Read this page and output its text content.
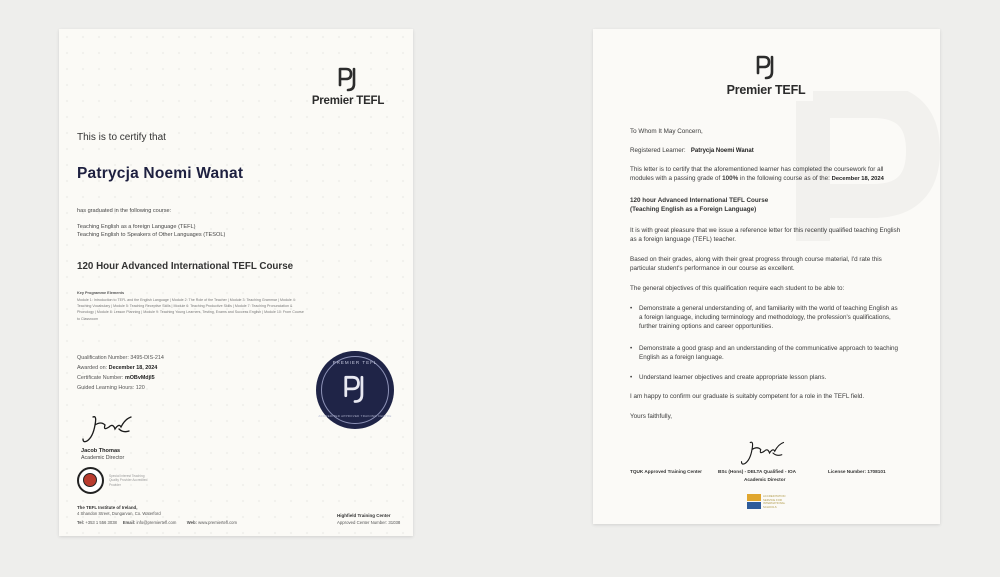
Premier TEFL
This is to certify that
Patrycja Noemi Wanat
has graduated in the following course:
Teaching English as a foreign Language (TEFL)
Teaching English to Speakers of Other Languages (TESOL)
120 Hour Advanced International TEFL Course
Key Programme Elements
Module 1: Introduction to TEFL and the English Language | Module 2: The Role of the Teacher | Module 3: Teaching Grammar | Module 4: Teaching Vocabulary | Module 5: Teaching Receptive Skills | Module 6: Teaching Productive Skills | Module 7: Teaching Pronunciation & Phonology | Module 8: Lesson Planning | Module 9: Teaching Young Learners, Testing, Exams and Success English | Module 10: From Course to Classroom
Qualification Number: 3495-DIS-214
Awarded on: December 18, 2024
Certificate Number: mOBvMdjl5
Guided Learning Hours: 120
PREMIER TEFL
ACCREDITED APPROVED TRAINING CENTRE
Jacob Thomas
Academic Director
Special Interest Teaching Quality Provider Accredited Provider
The TEFL Institute of Ireland,
4 Shandon Street, Dungarvan, Co. Waterford
Tel: +353 1 556 3038 Email: info@premiertefl.com Web: www.premiertefl.com
Highfield Training Center
Approved Center Number: 31038
Premier TEFL
To Whom It May Concern,
Registered Learner: Patrycja Noemi Wanat
This letter is to certify that the aforementioned learner has completed the coursework for all modules with a passing grade of 100% in the following course as of the: December 18, 2024
120 hour Advanced International TEFL Course
(Teaching English as a Foreign Language)
It is with great pleasure that we issue a reference letter for this recently qualified teaching English as a foreign language (TEFL) teacher.
Based on their grades, along with their great progress through course material, I'd rate this particular student's performance in our course as excellent.
The general objectives of this qualification require each student to be able to:
• Demonstrate a general understanding of, and familiarity with the world of teaching English as a foreign language, including terminology and methodology, the profession's qualifications, further training options and career opportunities.
• Demonstrate a good grasp and an understanding of the communicative approach to teaching English as a foreign language.
• Understand learner objectives and create appropriate lesson plans.
I am happy to confirm our graduate is suitably competent for a role in the TEFL field.
Yours faithfully,
TQUK Approved Training Center	BSc (Hons) - DELTA Qualified - IOA
Academic Director
License Number: 1708101
ACCREDITATION SERVICE FOR INTERNATIONAL SCHOOLS
